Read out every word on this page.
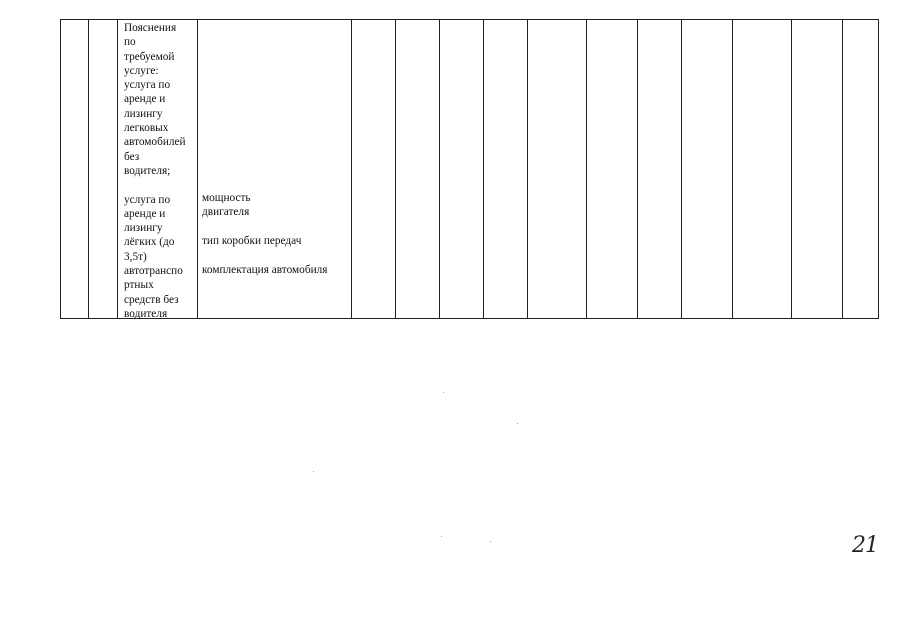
Пояснения
по
требуемой
услуге:
услуга по
аренде и
лизингу
легковых
автомобилей
без
водителя;

услуга по
аренде и
лизингу
лёгких (до
3,5т)
автотранспо
ртных
средств без
водителя
мощность
двигателя
тип коробки передач
комплектация автомобиля
21
